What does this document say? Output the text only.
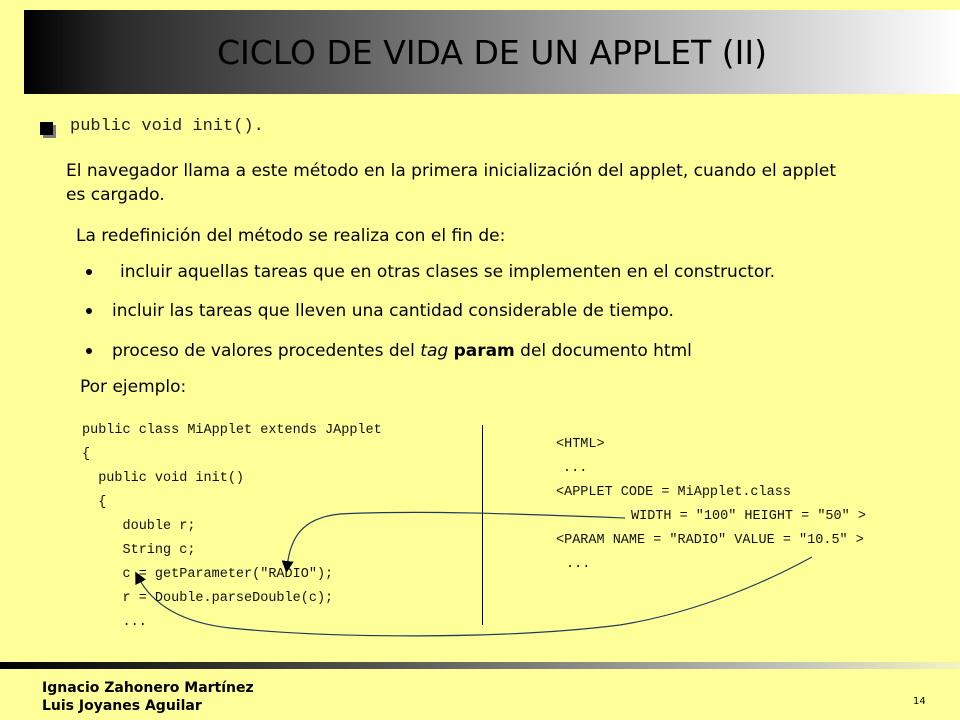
CICLO DE VIDA DE UN APPLET (II)
public void init().
El navegador llama a este método en la primera inicialización del applet, cuando el applet
es cargado.
La redefinición del método se realiza con el fin de:
incluir aquellas tareas que en otras clases se implementen en el constructor.
incluir las tareas que lleven una cantidad considerable de tiempo.
proceso de valores procedentes del tag param del documento html
Por ejemplo:
public class MiApplet extends JApplet
{
public void init()
{
double r;
String c;
c = getParameter("RADIO");
r = Double.parseDouble(c);
...
<HTML>
...
<APPLET CODE = MiApplet.class
WIDTH = "100" HEIGHT = "50" >
<PARAM NAME = "RADIO" VALUE = "10.5" >
...
Ignacio Zahonero Martínez
Luis Joyanes Aguilar	14
